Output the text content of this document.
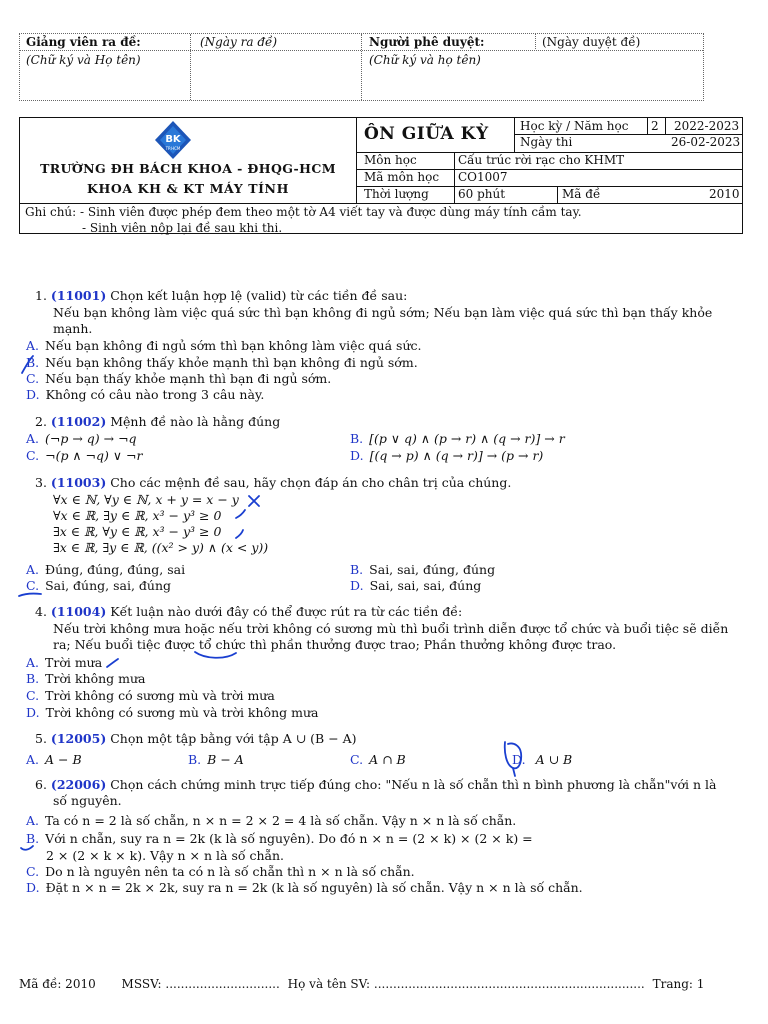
Giảng viên ra đề:	(Ngày ra đề)
(Chữ ký và Họ tên)
Người phê duyệt:	(Ngày duyệt đề)
(Chữ ký và họ tên)
BK
TP.HCM
TRƯỜNG ĐH BÁCH KHOA - ĐHQG-HCM
KHOA KH & KT MÁY TÍNH
ÔN GIỮA KỲ	Học kỳ / Năm học 2 2022-2023
Ngày thi	26-02-2023
Môn học	Cấu trúc rời rạc cho KHMT
Mã môn học CO1007
Thời lượng 60 phút	Mã đề	2010
Ghi chú: - Sinh viên được phép đem theo một tờ A4 viết tay và được dùng máy tính cầm tay.
- Sinh viên nộp lại đề sau khi thi.
1. (11001) Chọn kết luận hợp lệ (valid) từ các tiền đề sau:
Nếu bạn không làm việc quá sức thì bạn không đi ngủ sớm; Nếu bạn làm việc quá sức thì bạn thấy khỏe
mạnh.
A. Nếu bạn không đi ngủ sớm thì bạn không làm việc quá sức.
B. Nếu bạn không thấy khỏe mạnh thì bạn không đi ngủ sớm.
C. Nếu bạn thấy khỏe mạnh thì bạn đi ngủ sớm.
D. Không có câu nào trong 3 câu này.
2. (11002) Mệnh đề nào là hằng đúng
A. (¬p → q) → ¬q	B. [(p ∨ q) ∧ (p → r) ∧ (q → r)] → r
C. ¬(p ∧ ¬q) ∨ ¬r	D. [(q → p) ∧ (q → r)] → (p → r)
3. (11003) Cho các mệnh đề sau, hãy chọn đáp án cho chân trị của chúng.
∀x ∈ ℕ, ∀y ∈ ℕ, x + y = x − y
∀x ∈ ℝ, ∃y ∈ ℝ, x³ − y³ ≥ 0
∃x ∈ ℝ, ∀y ∈ ℝ, x³ − y³ ≥ 0
∃x ∈ ℝ, ∃y ∈ ℝ, ((x² > y) ∧ (x < y))
A. Đúng, đúng, đúng, sai	B. Sai, sai, đúng, đúng
C. Sai, đúng, sai, đúng	D. Sai, sai, sai, đúng
4. (11004) Kết luận nào dưới đây có thể được rút ra từ các tiền đề:
Nếu trời không mưa hoặc nếu trời không có sương mù thì buổi trình diễn được tổ chức và buổi tiệc sẽ diễn
ra; Nếu buổi tiệc được tổ chức thì phần thưởng được trao; Phần thưởng không được trao.
A. Trời mưa
B. Trời không mưa
C. Trời không có sương mù và trời mưa
D. Trời không có sương mù và trời không mưa
5. (12005) Chọn một tập bằng với tập A ∪ (B − A)
A. A − B	B. B − A	C. A ∩ B	D. A ∪ B
6. (22006) Chọn cách chứng minh trực tiếp đúng cho: "Nếu n là số chẵn thì n bình phương là chẵn"với n là
số nguyên.
A. Ta có n = 2 là số chẵn, n × n = 2 × 2 = 4 là số chẵn. Vậy n × n là số chẵn.
B. Với n chẵn, suy ra n = 2k (k là số nguyên). Do đó n × n = (2 × k) × (2 × k) =
2 × (2 × k × k). Vậy n × n là số chẵn.
C. Do n là nguyên nên ta có n là số chẵn thì n × n là số chẵn.
D. Đặt n × n = 2k × 2k, suy ra n = 2k (k là số nguyên) là số chẵn. Vậy n × n là số chẵn.
Mã đề: 2010 MSSV: .............................. Họ và tên SV: ....................................................................... Trang: 1
